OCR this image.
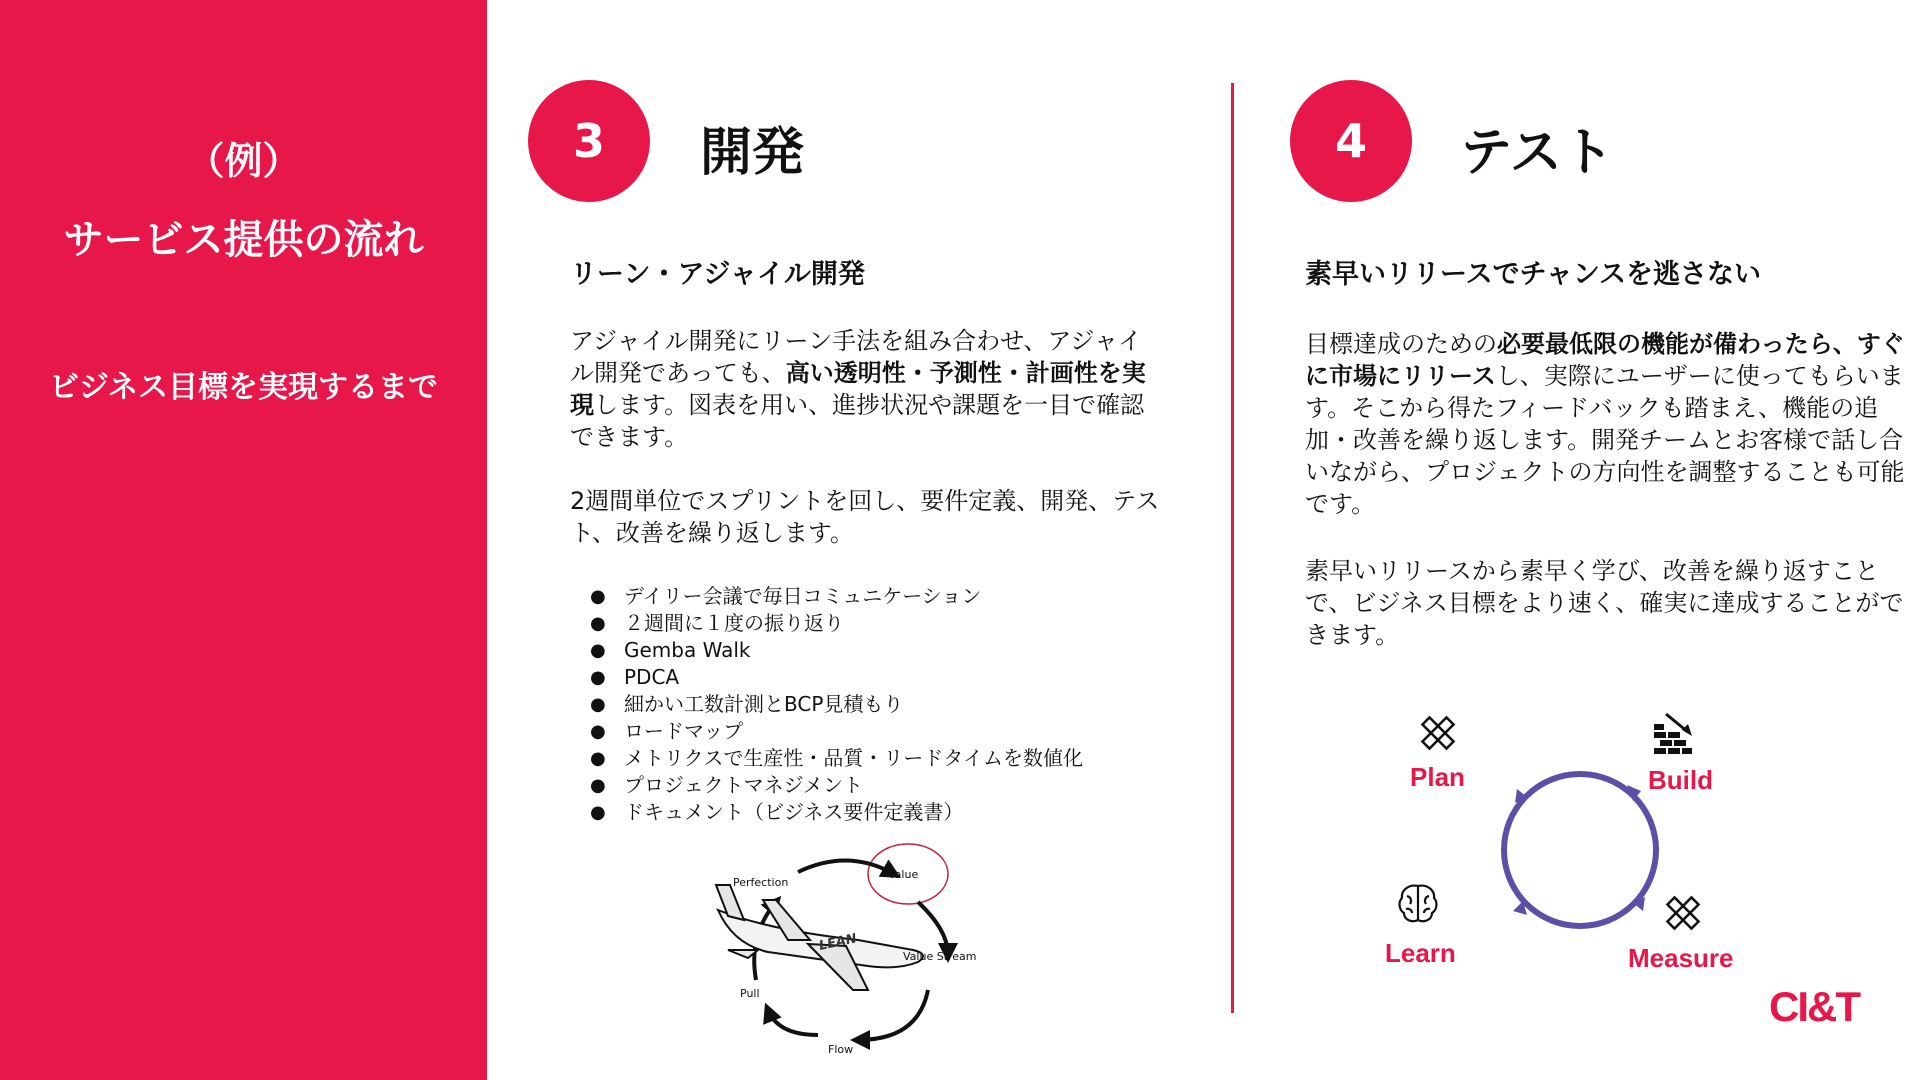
（例）
サービス提供の流れ
ビジネス目標を実現するまで
3	開発
リーン・アジャイル開発
アジャイル開発にリーン手法を組み合わせ、アジャイル開発であっても、高い透明性・予測性・計画性を実現します。図表を用い、進捗状況や課題を一目で確認できます。
2週間単位でスプリントを回し、要件定義、開発、テスト、改善を繰り返します。
● デイリー会議で毎日コミュニケーション
● ２週間に１度の振り返り
● Gemba Walk
● PDCA
● 細かい工数計測とBCP見積もり
● ロードマップ
● メトリクスで生産性・品質・リードタイムを数値化
● プロジェクトマネジメント
● ドキュメント（ビジネス要件定義書）
LEAN
Perfection
Value
Value Stream
Pull
Flow
4	テスト
素早いリリースでチャンスを逃さない
目標達成のための必要最低限の機能が備わったら、すぐに市場にリリースし、実際にユーザーに使ってもらいます。そこから得たフィードバックも踏まえ、機能の追加・改善を繰り返します。開発チームとお客様で話し合いながら、プロジェクトの方向性を調整することも可能です。
素早いリリースから素早く学び、改善を繰り返すことで、ビジネス目標をより速く、確実に達成することができます。
Plan	Build
Measure
Learn
CI&T
